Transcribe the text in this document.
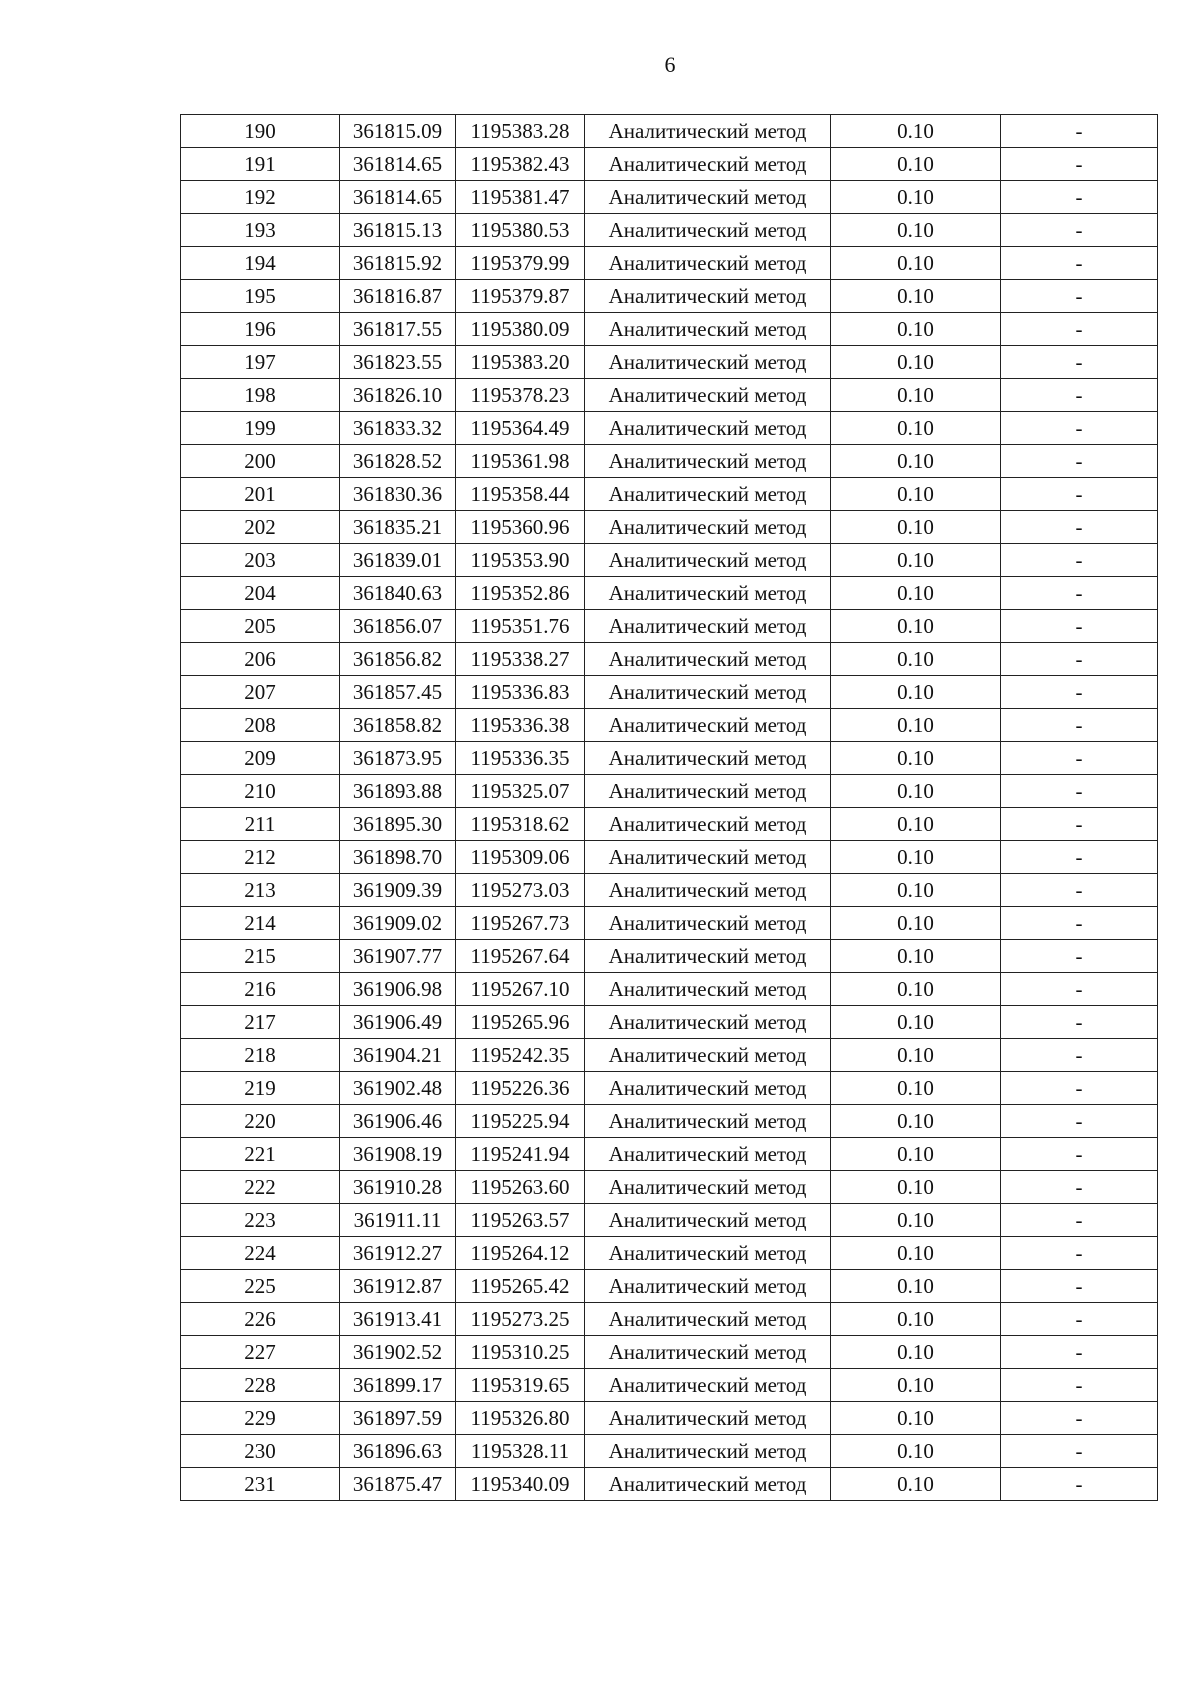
6
190	361815.09	1195383.28	Аналитический метод	0.10	-
191	361814.65	1195382.43	Аналитический метод	0.10	-
192	361814.65	1195381.47	Аналитический метод	0.10	-
193	361815.13	1195380.53	Аналитический метод	0.10	-
194	361815.92	1195379.99	Аналитический метод	0.10	-
195	361816.87	1195379.87	Аналитический метод	0.10	-
196	361817.55	1195380.09	Аналитический метод	0.10	-
197	361823.55	1195383.20	Аналитический метод	0.10	-
198	361826.10	1195378.23	Аналитический метод	0.10	-
199	361833.32	1195364.49	Аналитический метод	0.10	-
200	361828.52	1195361.98	Аналитический метод	0.10	-
201	361830.36	1195358.44	Аналитический метод	0.10	-
202	361835.21	1195360.96	Аналитический метод	0.10	-
203	361839.01	1195353.90	Аналитический метод	0.10	-
204	361840.63	1195352.86	Аналитический метод	0.10	-
205	361856.07	1195351.76	Аналитический метод	0.10	-
206	361856.82	1195338.27	Аналитический метод	0.10	-
207	361857.45	1195336.83	Аналитический метод	0.10	-
208	361858.82	1195336.38	Аналитический метод	0.10	-
209	361873.95	1195336.35	Аналитический метод	0.10	-
210	361893.88	1195325.07	Аналитический метод	0.10	-
211	361895.30	1195318.62	Аналитический метод	0.10	-
212	361898.70	1195309.06	Аналитический метод	0.10	-
213	361909.39	1195273.03	Аналитический метод	0.10	-
214	361909.02	1195267.73	Аналитический метод	0.10	-
215	361907.77	1195267.64	Аналитический метод	0.10	-
216	361906.98	1195267.10	Аналитический метод	0.10	-
217	361906.49	1195265.96	Аналитический метод	0.10	-
218	361904.21	1195242.35	Аналитический метод	0.10	-
219	361902.48	1195226.36	Аналитический метод	0.10	-
220	361906.46	1195225.94	Аналитический метод	0.10	-
221	361908.19	1195241.94	Аналитический метод	0.10	-
222	361910.28	1195263.60	Аналитический метод	0.10	-
223	361911.11	1195263.57	Аналитический метод	0.10	-
224	361912.27	1195264.12	Аналитический метод	0.10	-
225	361912.87	1195265.42	Аналитический метод	0.10	-
226	361913.41	1195273.25	Аналитический метод	0.10	-
227	361902.52	1195310.25	Аналитический метод	0.10	-
228	361899.17	1195319.65	Аналитический метод	0.10	-
229	361897.59	1195326.80	Аналитический метод	0.10	-
230	361896.63	1195328.11	Аналитический метод	0.10	-
231	361875.47	1195340.09	Аналитический метод	0.10	-
